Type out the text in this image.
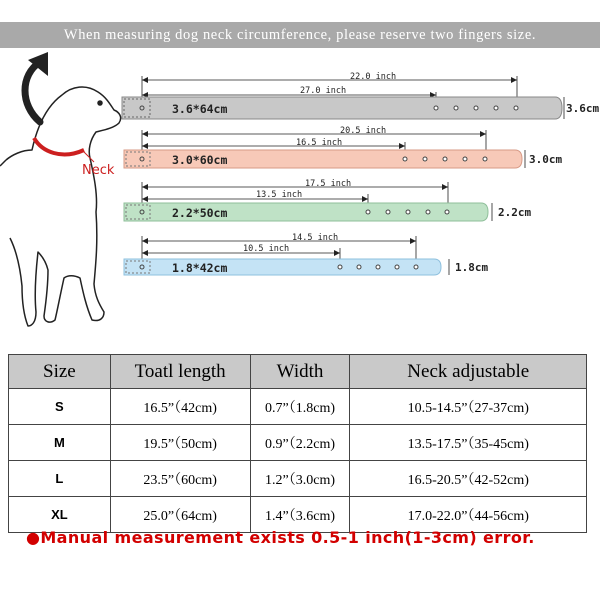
When measuring dog neck circumference, please reserve two fingers size.
Neck
22.0 inch
27.0 inch
3.6*64cm	3.6cm
20.5 inch
16.5 inch
3.0*60cm	3.0cm
17.5 inch
13.5 inch
2.2*50cm	2.2cm
14.5 inch
10.5 inch
1.8*42cm	1.8cm
Size	Toatl length	Width	Neck adjustable
S	16.5”（42cm)	0.7”（1.8cm)	10.5-14.5”（27-37cm)
M	19.5”（50cm)	0.9”（2.2cm)	13.5-17.5”（35-45cm)
L	23.5”（60cm)	1.2”（3.0cm)	16.5-20.5”（42-52cm)
XL	25.0”（64cm)	1.4”（3.6cm)	17.0-22.0”（44-56cm)
●Manual measurement exists 0.5-1 inch(1-3cm) error.
